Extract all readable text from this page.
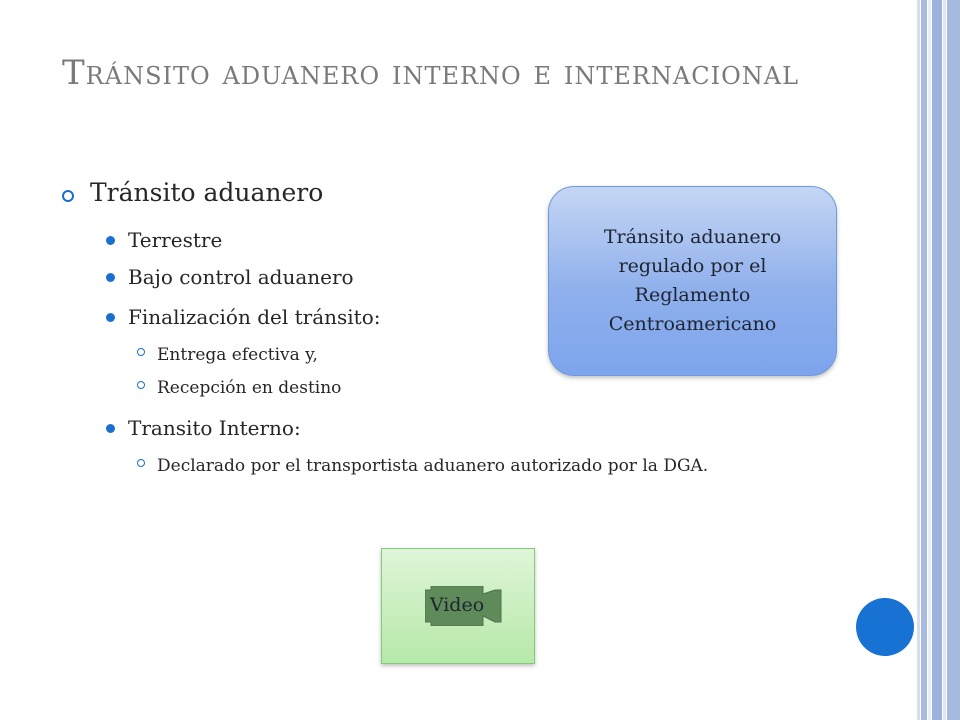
Tránsito aduanero interno e internacional
Tránsito aduanero
Terrestre
Bajo control aduanero
Finalización del tránsito:
Entrega efectiva y,
Recepción en destino
Transito Interno:
Declarado por el transportista aduanero autorizado por la DGA.
Tránsito aduanero regulado por el Reglamento Centroamericano
Video
